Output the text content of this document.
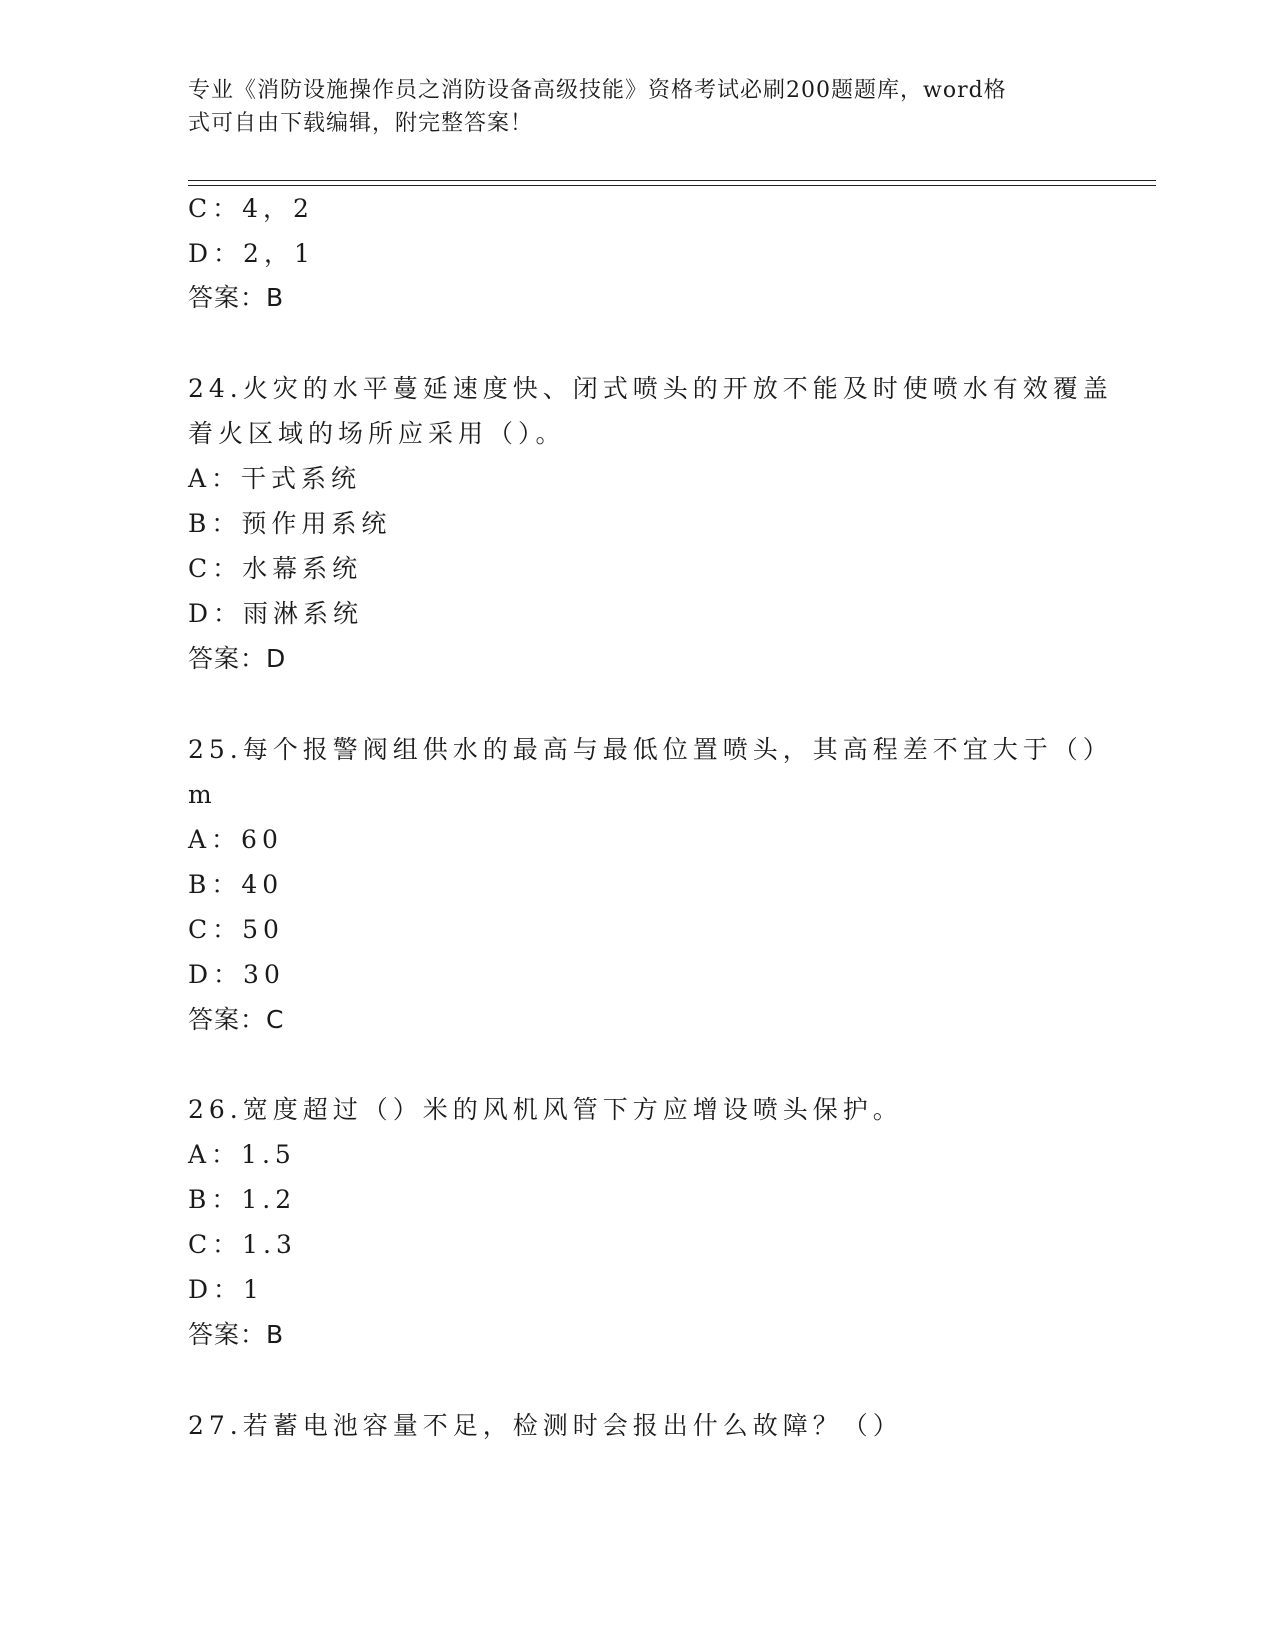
专业《消防设施操作员之消防设备高级技能》资格考试必刷200题题库，word格
式可自由下载编辑，附完整答案！
C：4，2
D：2，1
答案：B
24.火灾的水平蔓延速度快、闭式喷头的开放不能及时使喷水有效覆盖
着火区域的场所应采用（）。
A：干式系统
B：预作用系统
C：水幕系统
D：雨淋系统
答案：D
25.每个报警阀组供水的最高与最低位置喷头，其高程差不宜大于（）
m
A：60
B：40
C：50
D：30
答案：C
26.宽度超过（）米的风机风管下方应增设喷头保护。
A：1.5
B：1.2
C：1.3
D：1
答案：B
27.若蓄电池容量不足，检测时会报出什么故障？（）
